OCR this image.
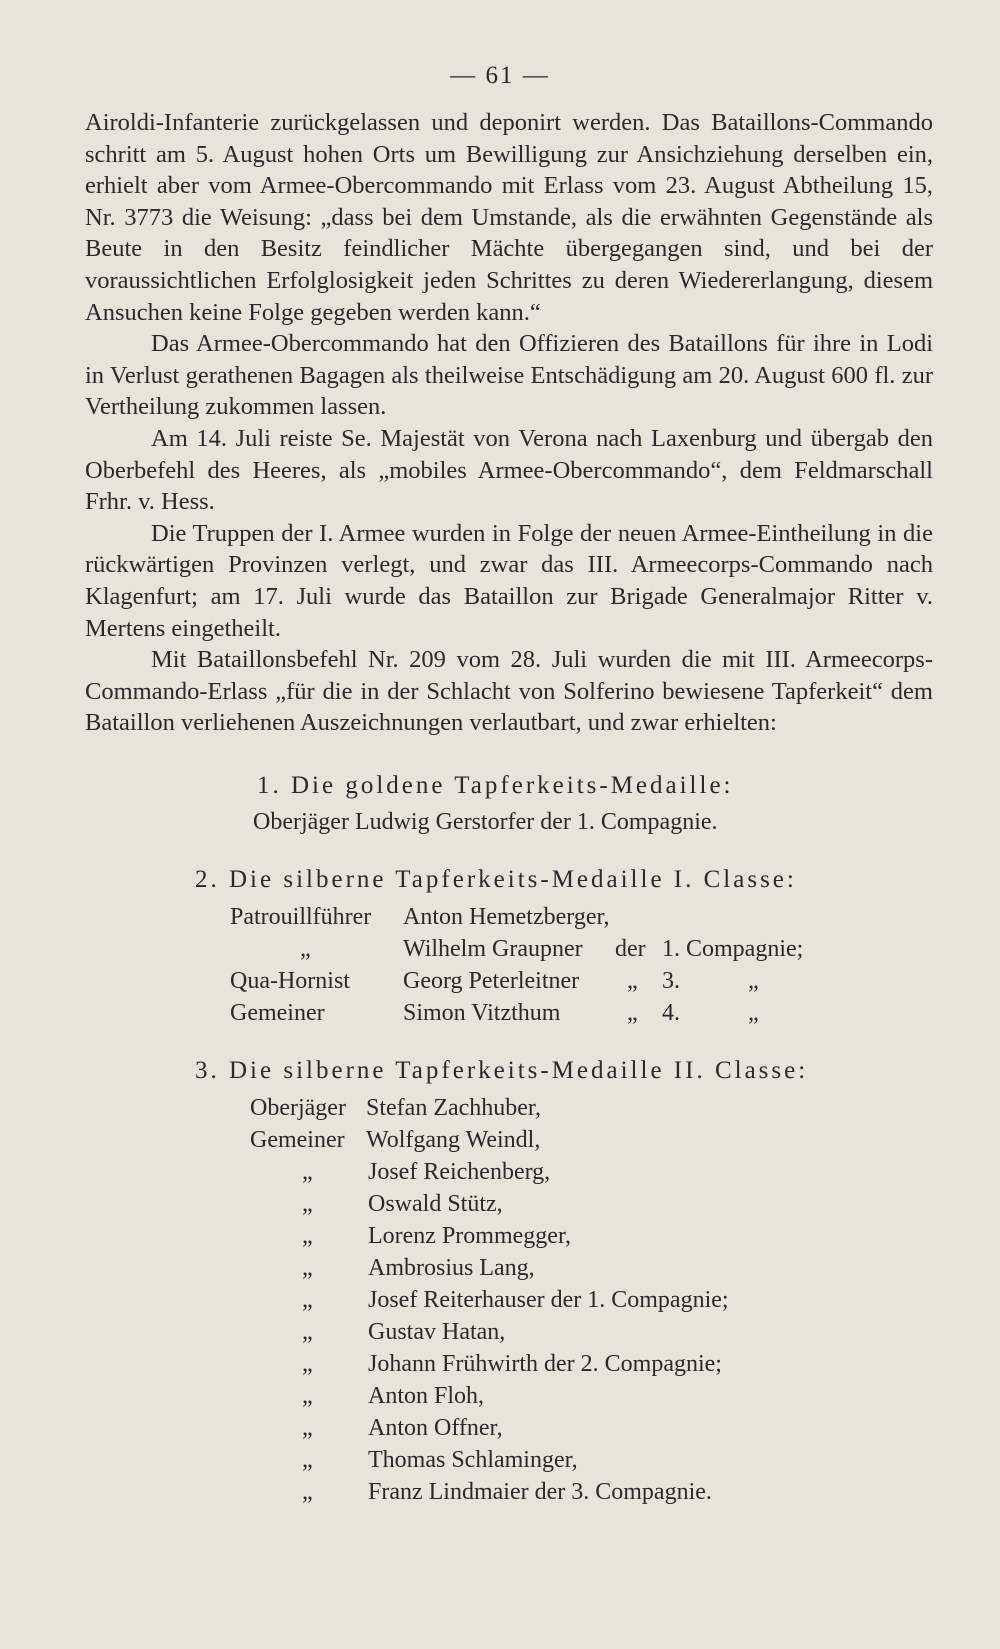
— 61 —

Airoldi-Infanterie zurückgelassen und deponirt werden. Das Bataillons-Commando schritt am 5. August hohen Orts um Bewilligung zur Ansichziehung derselben ein, erhielt aber vom Armee-Obercommando mit Erlass vom 23. August Abtheilung 15, Nr. 3773 die Weisung: „dass bei dem Umstande, als die erwähnten Gegenstände als Beute in den Besitz feindlicher Mächte übergegangen sind, und bei der voraussichtlichen Erfolglosigkeit jeden Schrittes zu deren Wiedererlangung, diesem Ansuchen keine Folge gegeben werden kann.“

Das Armee-Obercommando hat den Offizieren des Bataillons für ihre in Lodi in Verlust gerathenen Bagagen als theilweise Entschädigung am 20. August 600 fl. zur Vertheilung zukommen lassen.

Am 14. Juli reiste Se. Majestät von Verona nach Laxenburg und übergab den Oberbefehl des Heeres, als „mobiles Armee-Obercommando“, dem Feldmarschall Frhr. v. Hess.

Die Truppen der I. Armee wurden in Folge der neuen Armee-Eintheilung in die rückwärtigen Provinzen verlegt, und zwar das III. Armeecorps-Commando nach Klagenfurt; am 17. Juli wurde das Bataillon zur Brigade Generalmajor Ritter v. Mertens eingetheilt.

Mit Bataillonsbefehl Nr. 209 vom 28. Juli wurden die mit III. Armeecorps-Commando-Erlass „für die in der Schlacht von Solferino bewiesene Tapferkeit“ dem Bataillon verliehenen Auszeichnungen verlautbart, und zwar erhielten:

1. Die goldene Tapferkeits-Medaille:
Oberjäger Ludwig Gerstorfer der 1. Compagnie.
2. Die silberne Tapferkeits-Medaille I. Classe:
Patrouillführer Anton Hemetzberger,
„	Wilhelm Graupner der 1. Compagnie;
Qua-Hornist Georg Peterleitner „ 3.	„
Gemeiner	Simon Vitzthum	„ 4.	„
3. Die silberne Tapferkeits-Medaille II. Classe:
Oberjäger Stefan Zachhuber,
Gemeiner Wolfgang Weindl,
„ Josef Reichenberg,
„ Oswald Stütz,
„ Lorenz Prommegger,
„ Ambrosius Lang,
„ Josef Reiterhauser der 1. Compagnie;
„ Gustav Hatan,
„ Johann Frühwirth der 2. Compagnie;
„ Anton Floh,
„ Anton Offner,
„ Thomas Schlaminger,
„ Franz Lindmaier der 3. Compagnie.
